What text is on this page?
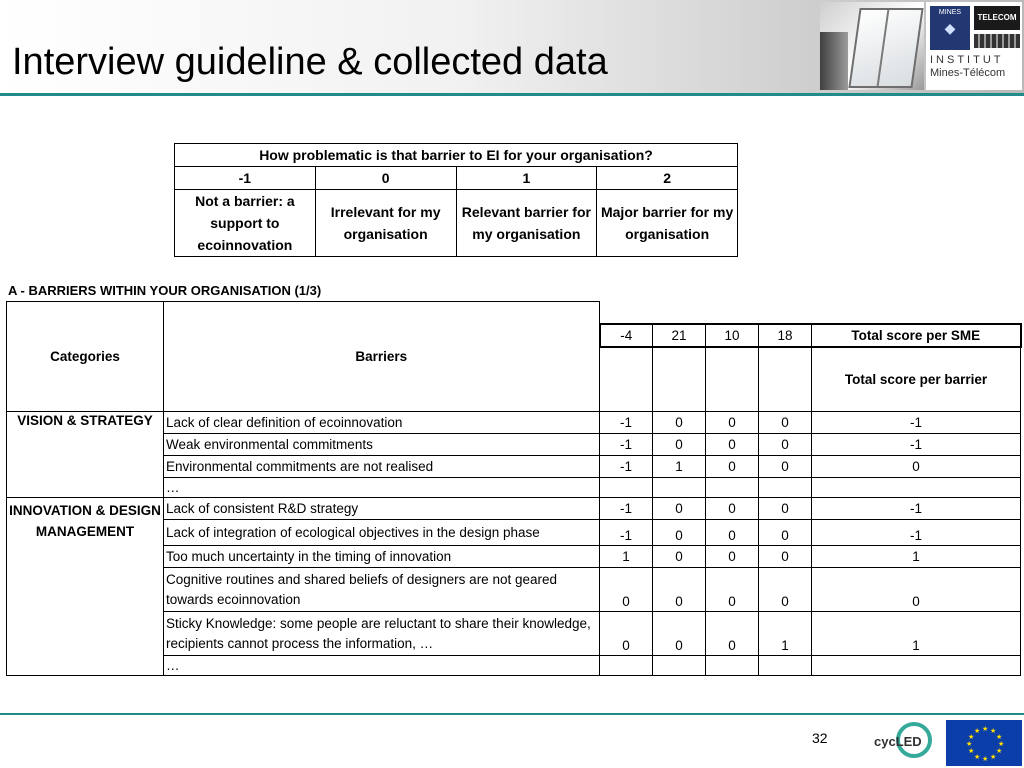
Interview guideline & collected data
MINES
◆
TELECOM
INSTITUT
Mines-Télécom
How problematic is that barrier to EI for your organisation?			
-1	0	1	2
Not a barrier: a support to ecoinnovation	Irrelevant for my organisation	Relevant barrier for my organisation	Major barrier for my organisation
A - BARRIERS WITHIN YOUR ORGANISATION (1/3)
Categories	Barriers					
		-4	21	10	18	Total score per SME
						Total score per barrier
VISION & STRATEGY	Lack of clear definition of ecoinnovation	-1	0	0	0	-1
	Weak environmental commitments	-1	0	0	0	-1
	Environmental commitments are not realised	-1	1	0	0	0
	…					
INNOVATION & DESIGN MANAGEMENT	Lack of consistent R&D strategy	-1	0	0	0	-1
	Lack of integration of ecological objectives in the design phase	-1	0	0	0	-1
	Too much uncertainty in the timing of innovation	1	0	0	0	1
	Cognitive routines and shared beliefs of designers are not geared towards ecoinnovation	0	0	0	0	0
	Sticky Knowledge: some people are reluctant to share their knowledge, recipients cannot process the information, …	0	0	0	1	1
	…					
32	cycLED
★ ★
★
★
★
★
★
★
★
★
★
★
